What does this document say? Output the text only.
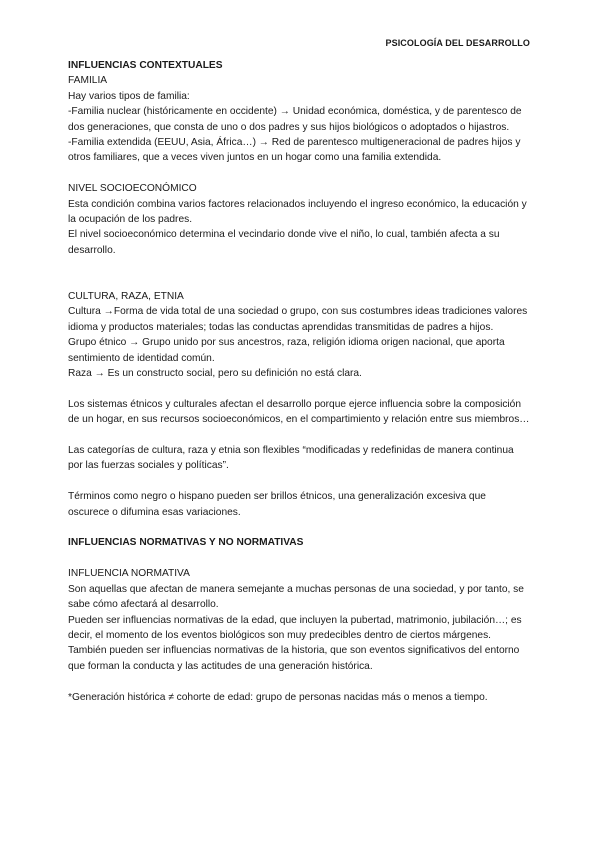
PSICOLOGÍA DEL DESARROLLO

INFLUENCIAS CONTEXTUALES

FAMILIA

Hay varios tipos de familia:

-Familia nuclear (históricamente en occidente) → Unidad económica, doméstica, y de parentesco de dos generaciones, que consta de uno o dos padres y sus hijos biológicos o adoptados o hijastros.

-Familia extendida (EEUU, Asia, África…) → Red de parentesco multigeneracional de padres hijos y otros familiares, que a veces viven juntos en un hogar como una familia extendida.

NIVEL SOCIOECONÓMICO

Esta condición combina varios factores relacionados incluyendo el ingreso económico, la educación y la ocupación de los padres.

El nivel socioeconómico determina el vecindario donde vive el niño, lo cual, también afecta a su desarrollo.

CULTURA, RAZA, ETNIA

Cultura →Forma de vida total de una sociedad o grupo, con sus costumbres ideas tradiciones valores idioma y productos materiales; todas las conductas aprendidas transmitidas de padres a hijos.

Grupo étnico → Grupo unido por sus ancestros, raza, religión idioma origen nacional, que aporta sentimiento de identidad común.

Raza → Es un constructo social, pero su definición no está clara.

Los sistemas étnicos y culturales afectan el desarrollo porque ejerce influencia sobre la composición de un hogar, en sus recursos socioeconómicos, en el compartimiento y relación entre sus miembros…

Las categorías de cultura, raza y etnia son flexibles “modificadas y redefinidas de manera continua por las fuerzas sociales y políticas”.

Términos como negro o hispano pueden ser brillos étnicos, una generalización excesiva que oscurece o difumina esas variaciones.

INFLUENCIAS NORMATIVAS Y NO NORMATIVAS

INFLUENCIA NORMATIVA

Son aquellas que afectan de manera semejante a muchas personas de una sociedad, y por tanto, se sabe cómo afectará al desarrollo.

Pueden ser influencias normativas de la edad, que incluyen la pubertad, matrimonio, jubilación…; es decir, el momento de los eventos biológicos son muy predecibles dentro de ciertos márgenes.

También pueden ser influencias normativas de la historia, que son eventos significativos del entorno que forman la conducta y las actitudes de una generación histórica.

*Generación histórica ≠ cohorte de edad: grupo de personas nacidas más o menos a tiempo.
